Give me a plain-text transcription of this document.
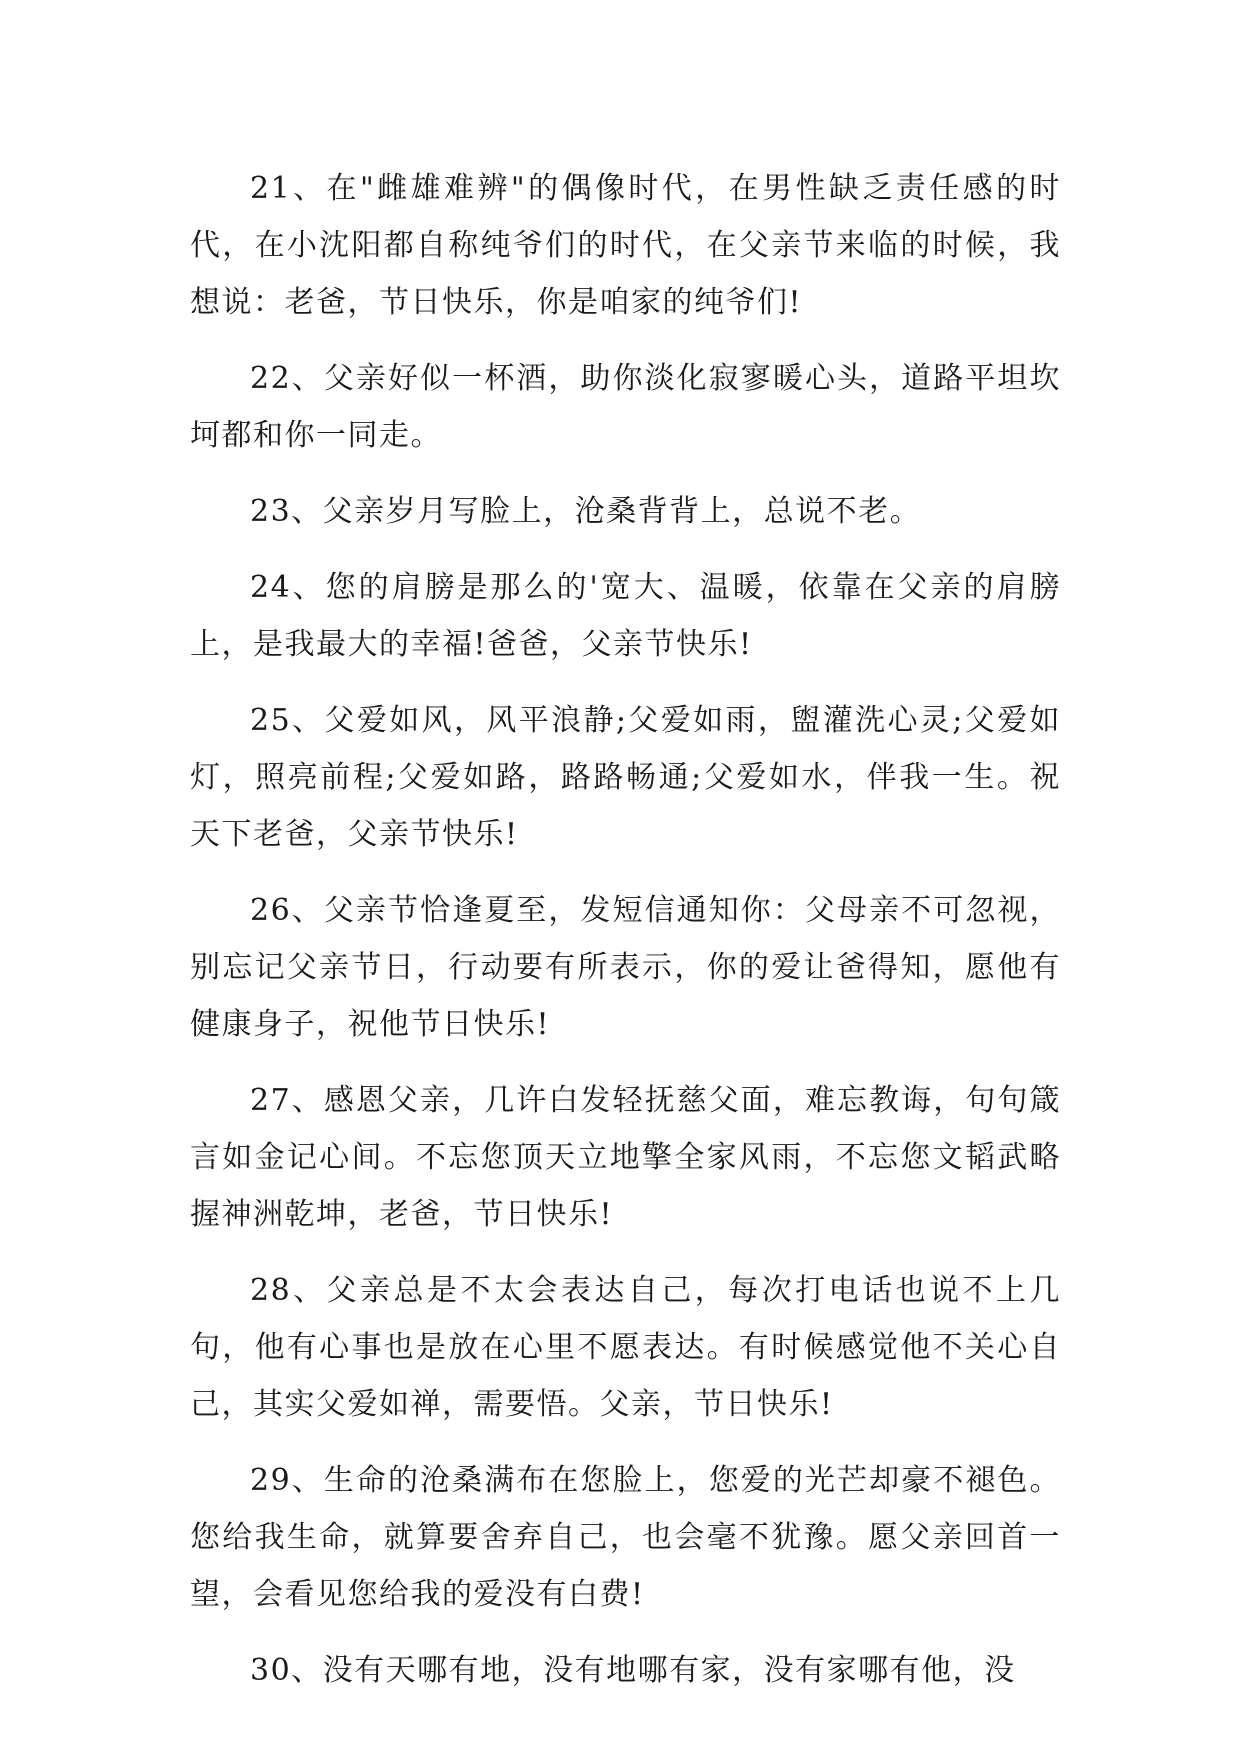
21、在"雌雄难辨"的偶像时代，在男性缺乏责任感的时代，在小沈阳都自称纯爷们的时代，在父亲节来临的时候，我想说：老爸，节日快乐，你是咱家的纯爷们!

22、父亲好似一杯酒，助你淡化寂寥暖心头，道路平坦坎坷都和你一同走。

23、父亲岁月写脸上，沧桑背背上，总说不老。

24、您的肩膀是那么的'宽大、温暖，依靠在父亲的肩膀上，是我最大的幸福!爸爸，父亲节快乐!

25、父爱如风，风平浪静;父爱如雨，盥灌洗心灵;父爱如灯，照亮前程;父爱如路，路路畅通;父爱如水，伴我一生。祝天下老爸，父亲节快乐!

26、父亲节恰逢夏至，发短信通知你：父母亲不可忽视，别忘记父亲节日，行动要有所表示，你的爱让爸得知，愿他有健康身子，祝他节日快乐!

27、感恩父亲，几许白发轻抚慈父面，难忘教诲，句句箴言如金记心间。不忘您顶天立地擎全家风雨，不忘您文韬武略握神洲乾坤，老爸，节日快乐!

28、父亲总是不太会表达自己，每次打电话也说不上几句，他有心事也是放在心里不愿表达。有时候感觉他不关心自己，其实父爱如禅，需要悟。父亲，节日快乐!

29、生命的沧桑满布在您脸上，您爱的光芒却豪不褪色。您给我生命，就算要舍弃自己，也会毫不犹豫。愿父亲回首一望，会看见您给我的爱没有白费!

30、没有天哪有地，没有地哪有家，没有家哪有他，没
